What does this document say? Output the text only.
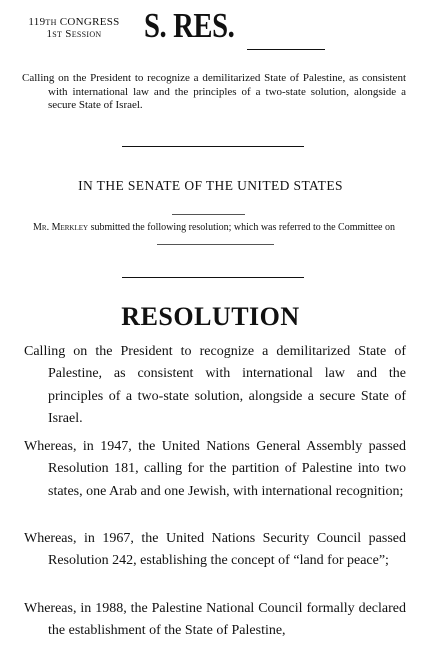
119th CONGRESS
1st Session	S. RES.
Calling on the President to recognize a demilitarized State of Palestine, as consistent with international law and the principles of a two-state solution, alongside a secure State of Israel.
IN THE SENATE OF THE UNITED STATES
Mr. Merkley submitted the following resolution; which was referred to the Committee on
RESOLUTION
Calling on the President to recognize a demilitarized State of Palestine, as consistent with international law and the principles of a two-state solution, alongside a secure State of Israel.
Whereas, in 1947, the United Nations General Assembly passed Resolution 181, calling for the partition of Palestine into two states, one Arab and one Jewish, with international recognition;
Whereas, in 1967, the United Nations Security Council passed Resolution 242, establishing the concept of “land for peace”;
Whereas, in 1988, the Palestine National Council formally declared the establishment of the State of Palestine,
